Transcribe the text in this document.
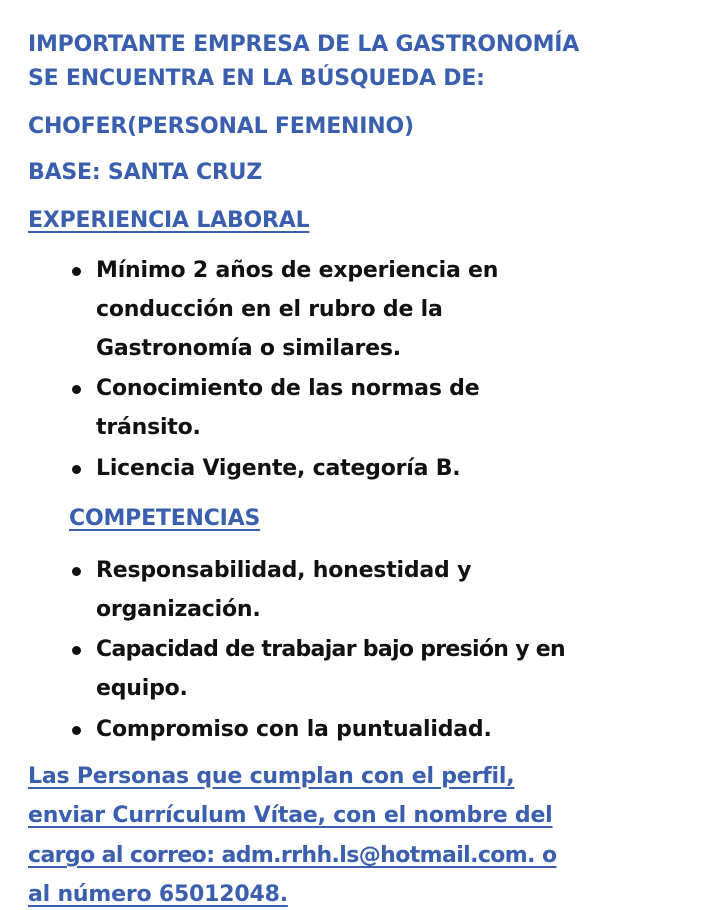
IMPORTANTE EMPRESA DE LA GASTRONOMÍA
SE ENCUENTRA EN LA BÚSQUEDA DE:
CHOFER(PERSONAL FEMENINO)
BASE: SANTA CRUZ
EXPERIENCIA LABORAL
Mínimo 2 años de experiencia en
conducción en el rubro de la
Gastronomía o similares.
Conocimiento de las normas de
tránsito.
Licencia Vigente, categoría B.
COMPETENCIAS
Responsabilidad, honestidad y
organización.
Capacidad de trabajar bajo presión y en
equipo.
Compromiso con la puntualidad.
Las Personas que cumplan con el perfil,
enviar Currículum Vítae, con el nombre del
cargo al correo: adm.rrhh.ls@hotmail.com. o
al número 65012048.
